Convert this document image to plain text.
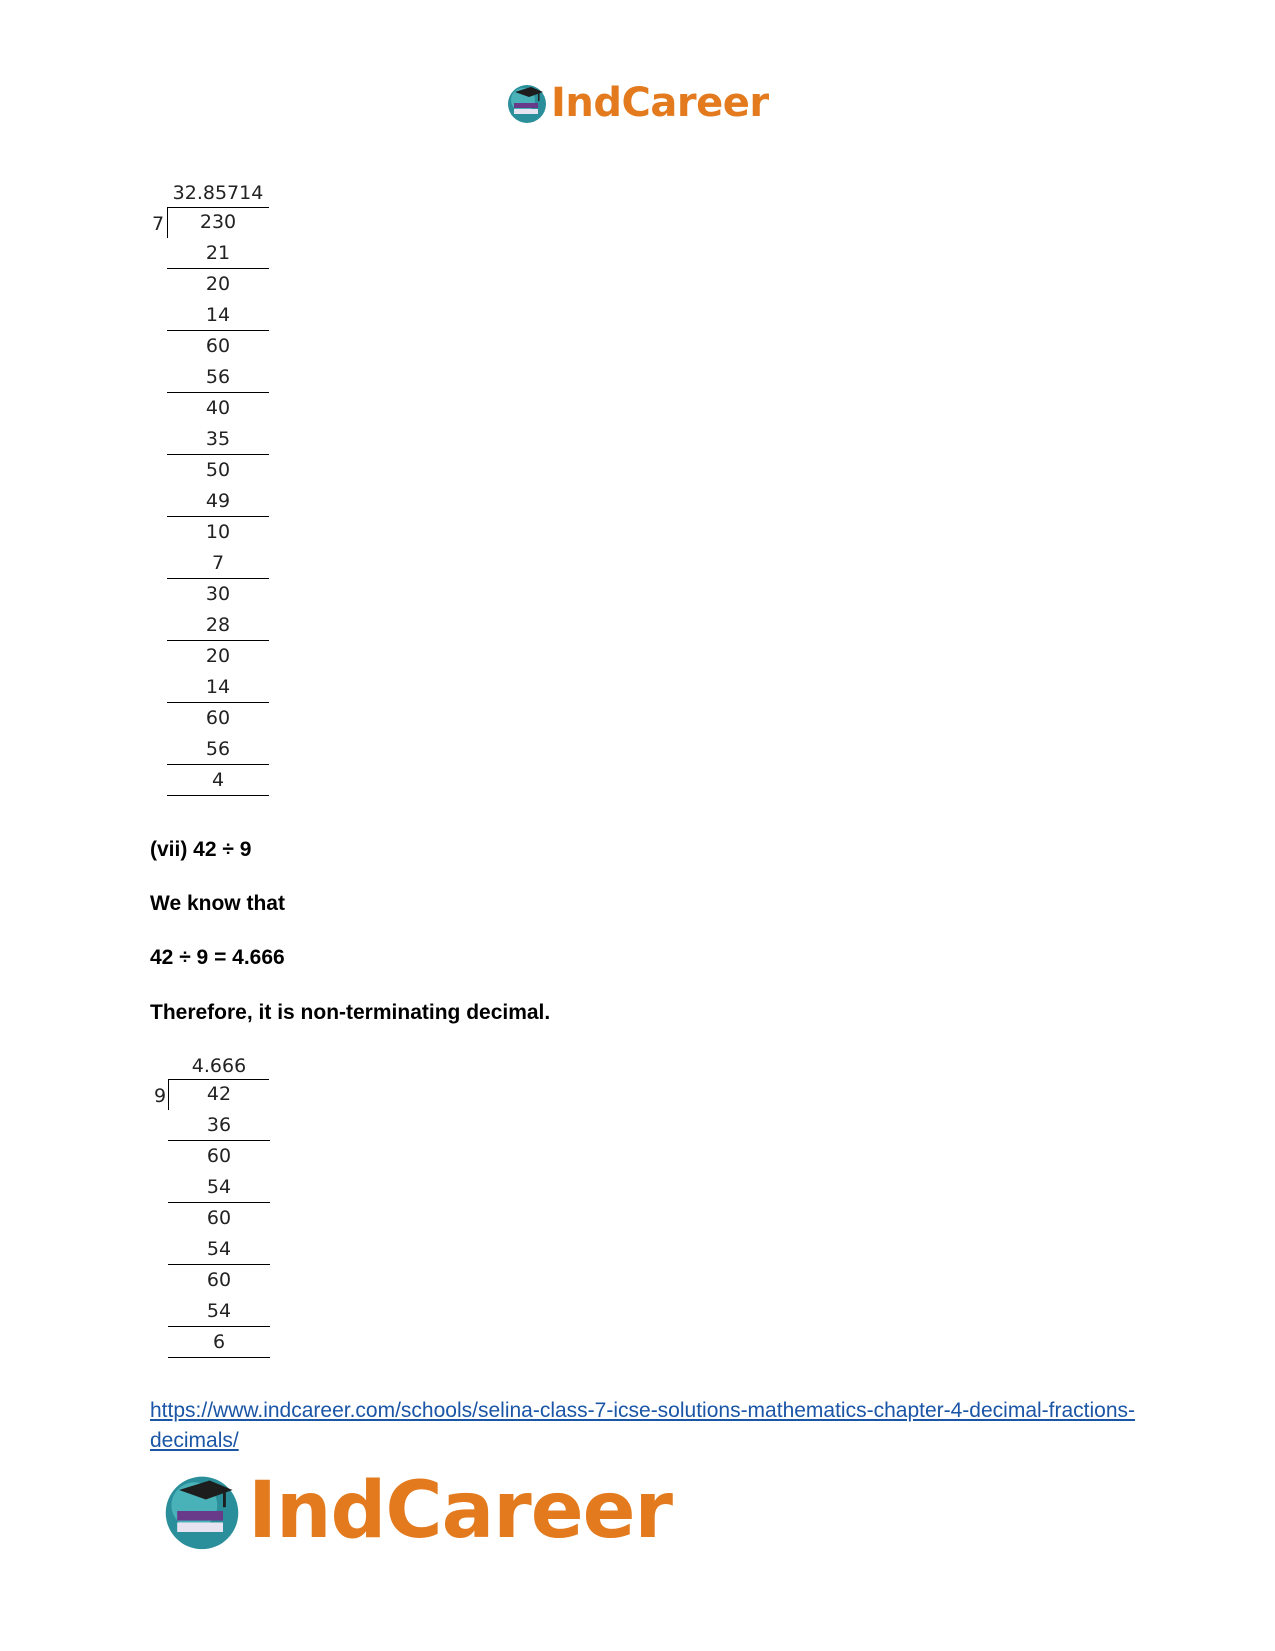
IndCareer
32.85714
7	230
21
20
14
60
56
40
35
50
49
10
7
30
28
20
14
60
56
4
(vii) 42 ÷ 9
We know that
42 ÷ 9 = 4.666
Therefore, it is non-terminating decimal.
4.666
9	42
36
60
54
60
54
60
54
6
https://www.indcareer.com/schools/selina-class-7-icse-solutions-mathematics-chapter-4-decimal-fractions-decimals/
IndCareer
